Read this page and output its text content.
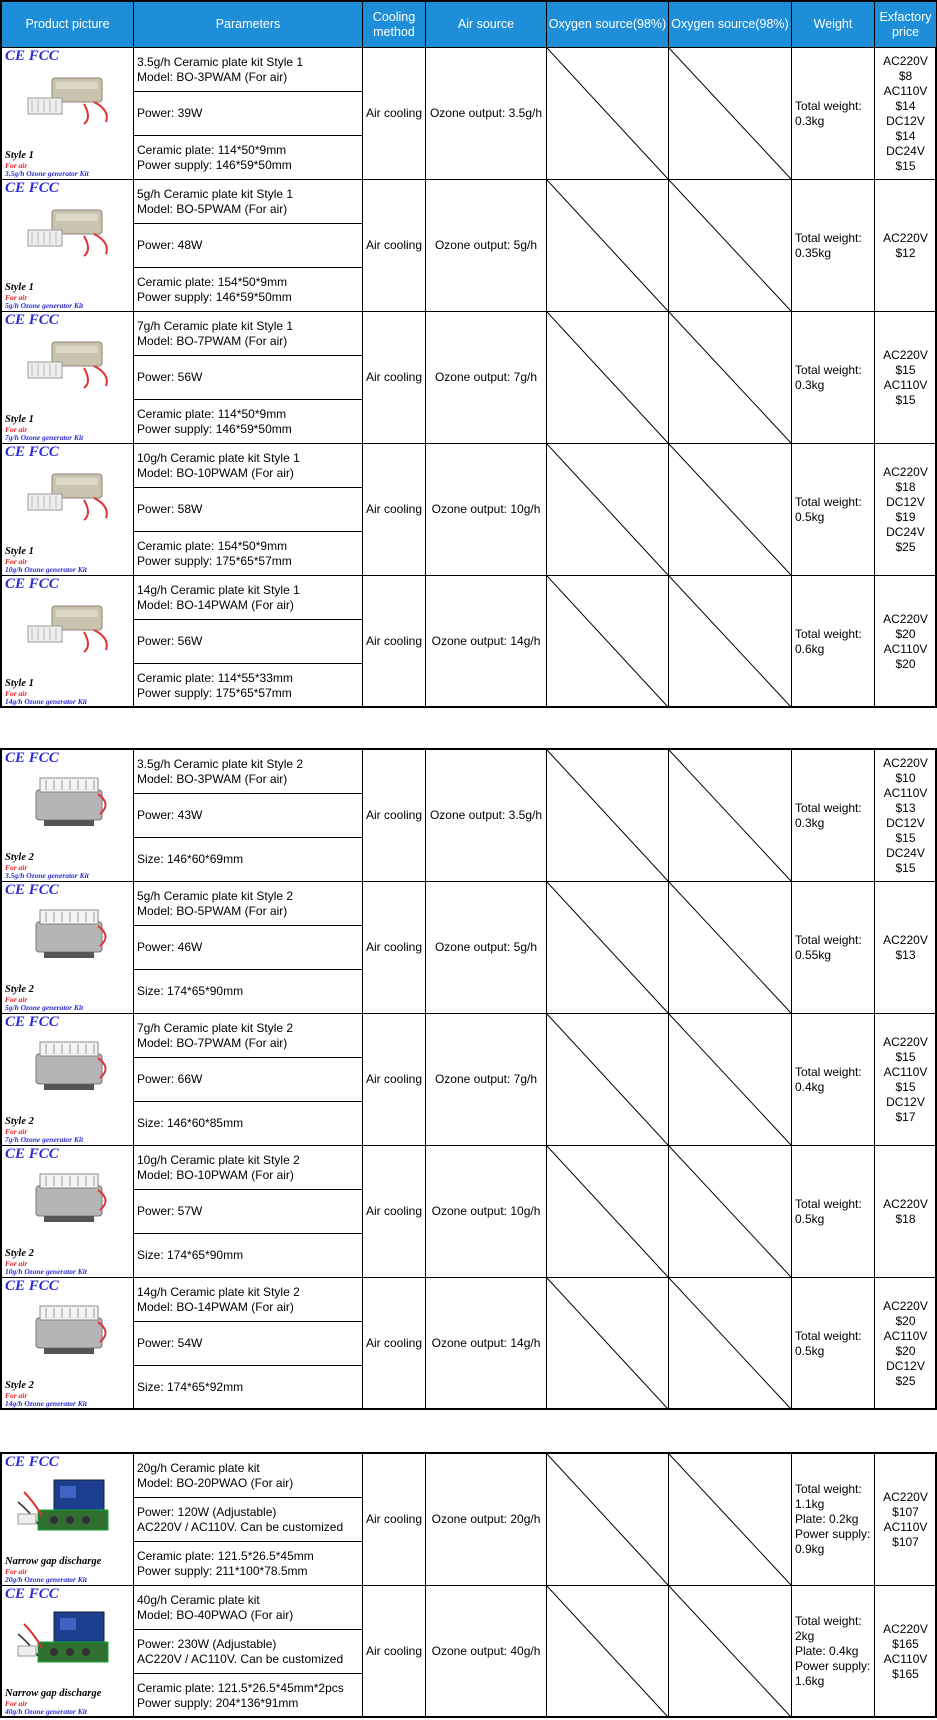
Product picture	Parameters
Cooling method
Air source	Oxygen source(98%) Oxygen source(98%) Weight
Exfactory price
CE FCC
Style 1
For air
3.5g/h Ozone generator Kit
3.5g/h Ceramic plate kit Style 1
Model: BO-3PWAM (For air)
Power: 39W
Ceramic plate: 114*50*9mm
Power supply: 146*59*50mm
Air cooling Ozone output: 3.5g/h
Total weight:
0.3kg
AC220V
$8
AC110V
$14
DC12V
$14
DC24V
$15
CE FCC
Style 1
For air
5g/h Ozone generator Kit
5g/h Ceramic plate kit Style 1
Model: BO-5PWAM (For air)
Power: 48W
Ceramic plate: 154*50*9mm
Power supply: 146*59*50mm
Air cooling Ozone output: 5g/h
Total weight:
0.35kg
AC220V
$12
CE FCC
Style 1
For air
7g/h Ozone generator Kit
7g/h Ceramic plate kit Style 1
Model: BO-7PWAM (For air)
Power: 56W
Ceramic plate: 114*50*9mm
Power supply: 146*59*50mm
Air cooling Ozone output: 7g/h
Total weight:
0.3kg
AC220V
$15
AC110V
$15
CE FCC
Style 1
For air
10g/h Ozone generator Kit
10g/h Ceramic plate kit Style 1
Model: BO-10PWAM (For air)
Power: 58W
Ceramic plate: 154*50*9mm
Power supply: 175*65*57mm
Air cooling Ozone output: 10g/h
Total weight:
0.5kg
AC220V
$18
DC12V
$19
DC24V
$25
CE FCC
Style 1
For air
14g/h Ozone generator Kit
14g/h Ceramic plate kit Style 1
Model: BO-14PWAM (For air)
Power: 56W
Ceramic plate: 114*55*33mm
Power supply: 175*65*57mm
Air cooling Ozone output: 14g/h
Total weight:
0.6kg
AC220V
$20
AC110V
$20
CE FCC
Style 2
For air
3.5g/h Ozone generator Kit
3.5g/h Ceramic plate kit Style 2
Model: BO-3PWAM (For air)
Power: 43W
Size: 146*60*69mm
Air cooling Ozone output: 3.5g/h
Total weight:
0.3kg
AC220V
$10
AC110V
$13
DC12V
$15
DC24V
$15
CE FCC
Style 2
For air
5g/h Ozone generator Kit
5g/h Ceramic plate kit Style 2
Model: BO-5PWAM (For air)
Power: 46W
Size: 174*65*90mm
Air cooling Ozone output: 5g/h
Total weight:
0.55kg
AC220V
$13
CE FCC
Style 2
For air
7g/h Ozone generator Kit
7g/h Ceramic plate kit Style 2
Model: BO-7PWAM (For air)
Power: 66W
Size: 146*60*85mm
Air cooling Ozone output: 7g/h
Total weight:
0.4kg
AC220V
$15
AC110V
$15
DC12V
$17
CE FCC
Style 2
For air
10g/h Ozone generator Kit
10g/h Ceramic plate kit Style 2
Model: BO-10PWAM (For air)
Power: 57W
Size: 174*65*90mm
Air cooling Ozone output: 10g/h
Total weight:
0.5kg
AC220V
$18
CE FCC
Style 2
For air
14g/h Ozone generator Kit
14g/h Ceramic plate kit Style 2
Model: BO-14PWAM (For air)
Power: 54W
Size: 174*65*92mm
Air cooling Ozone output: 14g/h
Total weight:
0.5kg
AC220V
$20
AC110V
$20
DC12V
$25
CE FCC
Narrow gap discharge
For air
20g/h Ozone generator Kit
20g/h Ceramic plate kit
Model: BO-20PWAO (For air)
Power: 120W (Adjustable)
AC220V / AC110V. Can be customized
Ceramic plate: 121.5*26.5*45mm
Power supply: 211*100*78.5mm
Air cooling Ozone output: 20g/h
Total weight:
1.1kg
Plate: 0.2kg
Power supply:
0.9kg
AC220V
$107
AC110V
$107
CE FCC
Narrow gap discharge
For air
40g/h Ozone generator Kit
40g/h Ceramic plate kit
Model: BO-40PWAO (For air)
Power: 230W (Adjustable)
AC220V / AC110V. Can be customized
Ceramic plate: 121.5*26.5*45mm*2pcs
Power supply: 204*136*91mm
Air cooling Ozone output: 40g/h
Total weight:
2kg
Plate: 0.4kg
Power supply:
1.6kg
AC220V
$165
AC110V
$165
